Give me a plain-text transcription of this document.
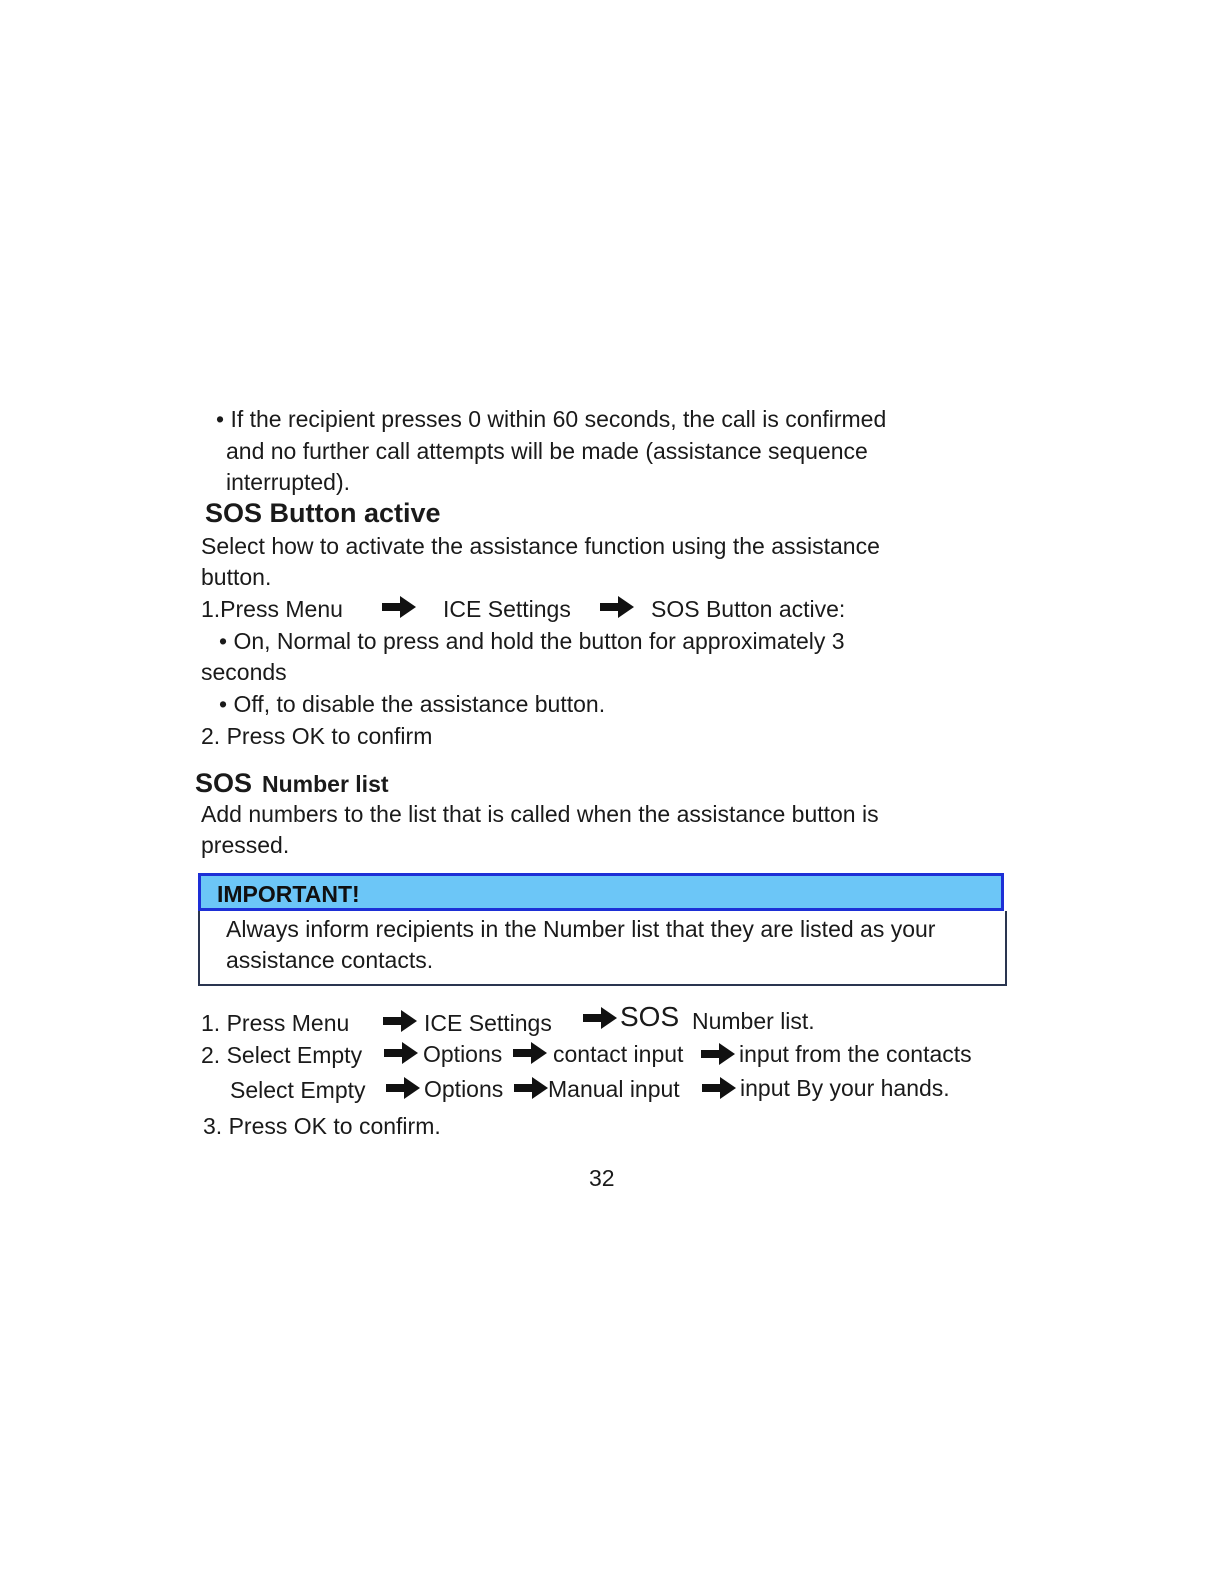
• If the recipient presses 0 within 60 seconds, the call is confirmed
and no further call attempts will be made (assistance sequence
interrupted).
SOS Button active
Select how to activate the assistance function using the assistance
button.
1.Press Menu	ICE Settings	SOS Button active:
• On, Normal to press and hold the button for approximately 3
seconds
• Off, to disable the assistance button.
2. Press OK to confirm
SOS Number list
Add numbers to the list that is called when the assistance button is
pressed.
IMPORTANT!
Always inform recipients in the Number list that they are listed as your
assistance contacts.
1. Press Menu	ICE Settings SOS Number list.
2. Select Empty	Options contact input input from the contacts
Select Empty	Options Manual input	input By your hands.
3. Press OK to confirm.
32
